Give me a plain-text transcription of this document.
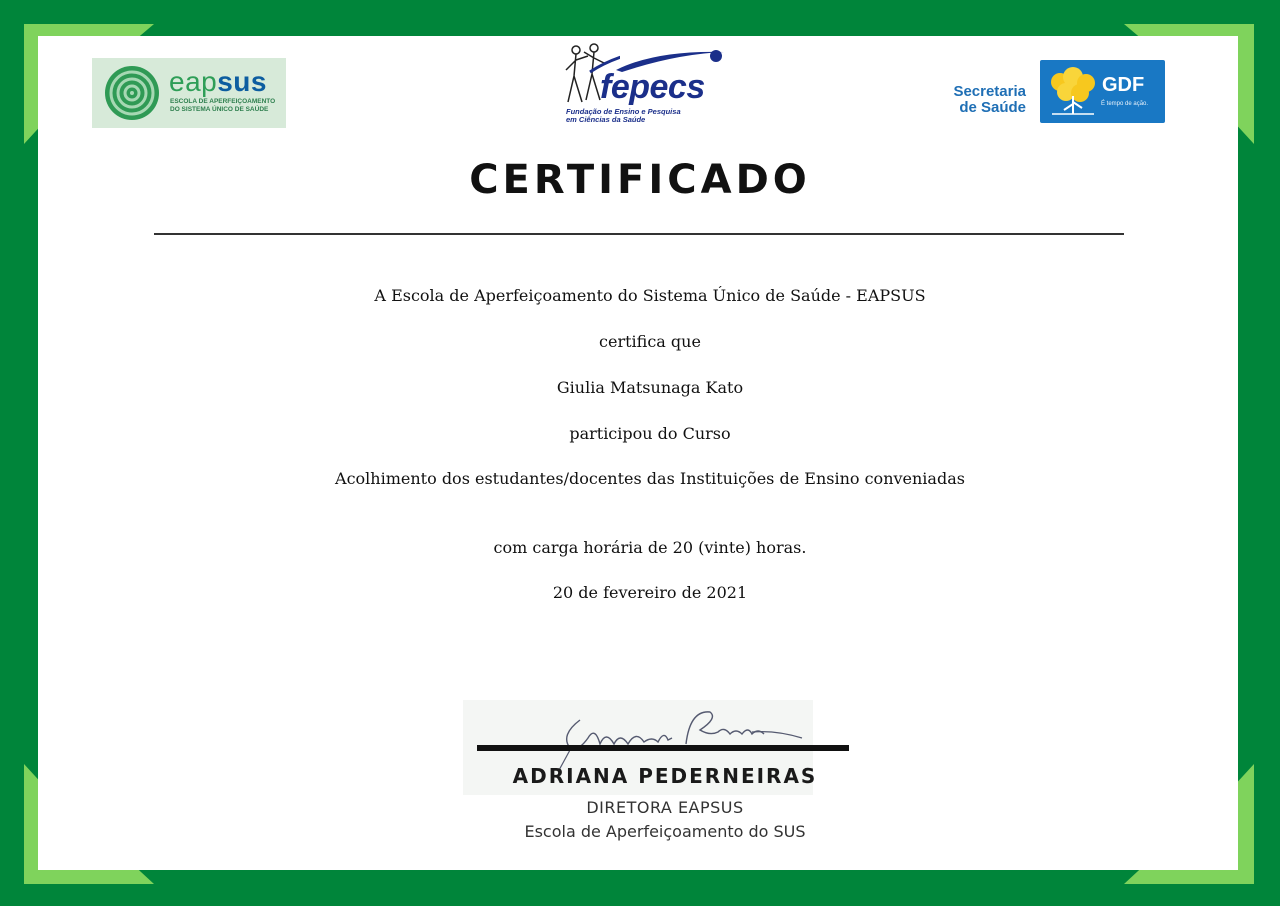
eapsus
ESCOLA DE APERFEIÇOAMENTO
DO SISTEMA ÚNICO DE SAÚDE
fepecs
Fundação de Ensino e Pesquisa
em Ciências da Saúde
Secretaria
de Saúde
GDF
É tempo de ação.
CERTIFICADO
A Escola de Aperfeiçoamento do Sistema Único de Saúde - EAPSUS
certifica que
Giulia Matsunaga Kato
participou do Curso
Acolhimento dos estudantes/docentes das Instituições de Ensino conveniadas
com carga horária de 20 (vinte) horas.
20 de fevereiro de 2021
ADRIANA PEDERNEIRAS
DIRETORA EAPSUS
Escola de Aperfeiçoamento do SUS
